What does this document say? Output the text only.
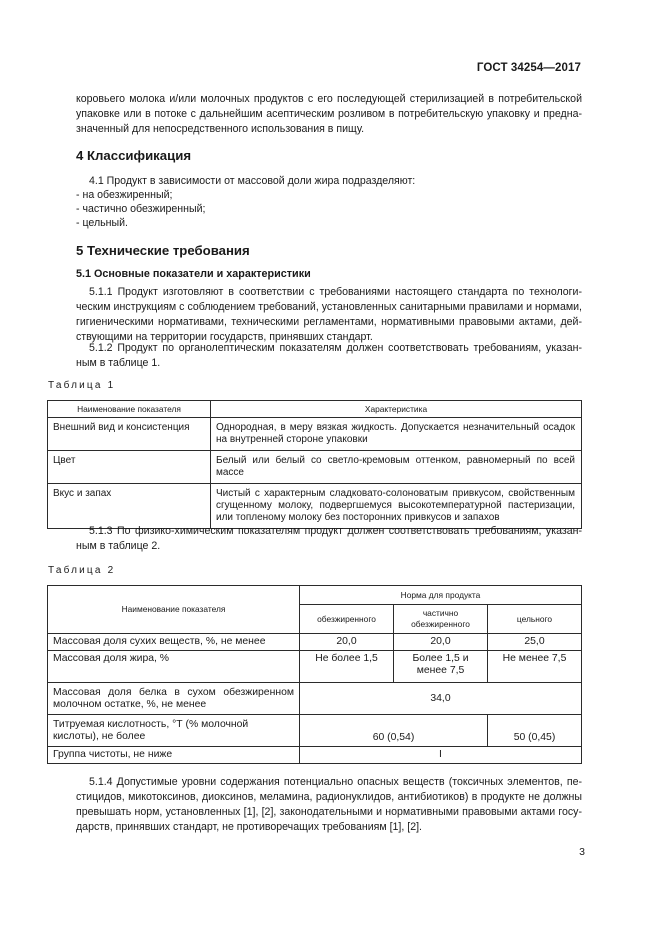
ГОСТ 34254—2017
коровьего молока и/или молочных продуктов с его последующей стерилизацией в потребительской
упаковке или в потоке с дальнейшим асептическим розливом в потребительскую упаковку и предна-
значенный для непосредственного использования в пищу.
4 Классификация
4.1 Продукт в зависимости от массовой доли жира подразделяют:
- на обезжиренный;
- частично обезжиренный;
- цельный.
5 Технические требования
5.1 Основные показатели и характеристики
5.1.1 Продукт изготовляют в соответствии с требованиями настоящего стандарта по технологи-
ческим инструкциям с соблюдением требований, установленных санитарными правилами и нормами,
гигиеническими нормативами, техническими регламентами, нормативными правовыми актами, дей-
ствующими на территории государств, принявших стандарт.
5.1.2 Продукт по органолептическим показателям должен соответствовать требованиям, указан-
ным в таблице 1.
Таблица 1
Наименование показателя	Характеристика
Внешний вид и консистенция	Однородная, в меру вязкая жидкость. Допускается незначительный осадок на внутренней стороне упаковки
Цвет	Белый или белый со светло-кремовым оттенком, равномерный по всей массе
Вкус и запах	Чистый с характерным сладковато-солоноватым привкусом, свойственным сгущенному молоку, подвергшемуся высокотемпературной пастеризации, или топленому молоку без посторонних привкусов и запахов
5.1.3 По физико-химическим показателям продукт должен соответствовать требованиям, указан-
ным в таблице 2.
Таблица 2
Наименование показателя	Норма для продукта		
	обезжиренного	частично обезжиренного	цельного
Массовая доля сухих веществ, %, не менее	20,0	20,0	25,0
Массовая доля жира, %	Не более 1,5	Более 1,5 и менее 7,5	Не менее 7,5
Массовая доля белка в сухом обезжиренном молочном остатке, %, не менее	34,0		
Титруемая кислотность, °Т (% молочной кислоты), не более	60 (0,54)		50 (0,45)
Группа чистоты, не ниже	I		
5.1.4 Допустимые уровни содержания потенциально опасных веществ (токсичных элементов, пе-
стицидов, микотоксинов, диоксинов, меламина, радионуклидов, антибиотиков) в продукте не должны
превышать норм, установленных [1], [2], законодательными и нормативными правовыми актами госу-
дарств, принявших стандарт, не противоречащих требованиям [1], [2].
3
